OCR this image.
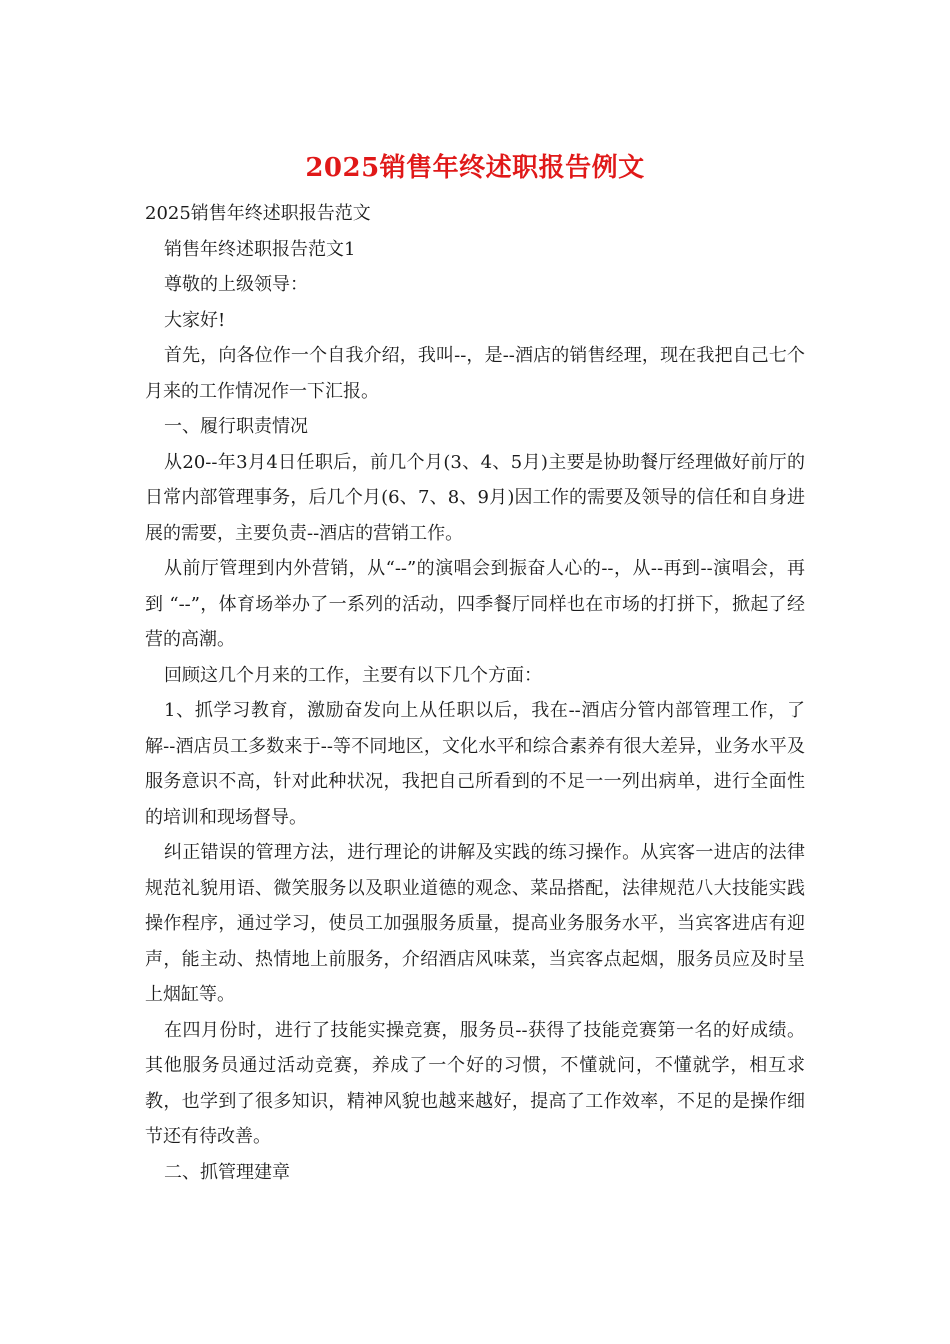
2025销售年终述职报告例文

2025销售年终述职报告范文

销售年终述职报告范文1

尊敬的上级领导：

大家好!

首先，向各位作一个自我介绍，我叫--，是--酒店的销售经理，现在我把自己七个月来的工作情况作一下汇报。

一、履行职责情况

从20--年3月4日任职后，前几个月(3、4、5月)主要是协助餐厅经理做好前厅的日常内部管理事务，后几个月(6、7、8、9月)因工作的需要及领导的信任和自身进展的需要，主要负责--酒店的营销工作。

从前厅管理到内外营销，从“--”的演唱会到振奋人心的--，从--再到--演唱会，再到 “--”，体育场举办了一系列的活动，四季餐厅同样也在市场的打拼下，掀起了经营的高潮。

回顾这几个月来的工作，主要有以下几个方面：

1、抓学习教育，激励奋发向上从任职以后，我在--酒店分管内部管理工作，了解--酒店员工多数来于--等不同地区，文化水平和综合素养有很大差异，业务水平及服务意识不高，针对此种状况，我把自己所看到的不足一一列出病单，进行全面性的培训和现场督导。

纠正错误的管理方法，进行理论的讲解及实践的练习操作。从宾客一进店的法律规范礼貌用语、微笑服务以及职业道德的观念、菜品搭配，法律规范八大技能实践操作程序，通过学习，使员工加强服务质量，提高业务服务水平，当宾客进店有迎声，能主动、热情地上前服务，介绍酒店风味菜，当宾客点起烟，服务员应及时呈上烟缸等。

在四月份时，进行了技能实操竞赛，服务员--获得了技能竞赛第一名的好成绩。其他服务员通过活动竞赛，养成了一个好的习惯，不懂就问，不懂就学，相互求教，也学到了很多知识，精神风貌也越来越好，提高了工作效率，不足的是操作细节还有待改善。

二、抓管理建章
